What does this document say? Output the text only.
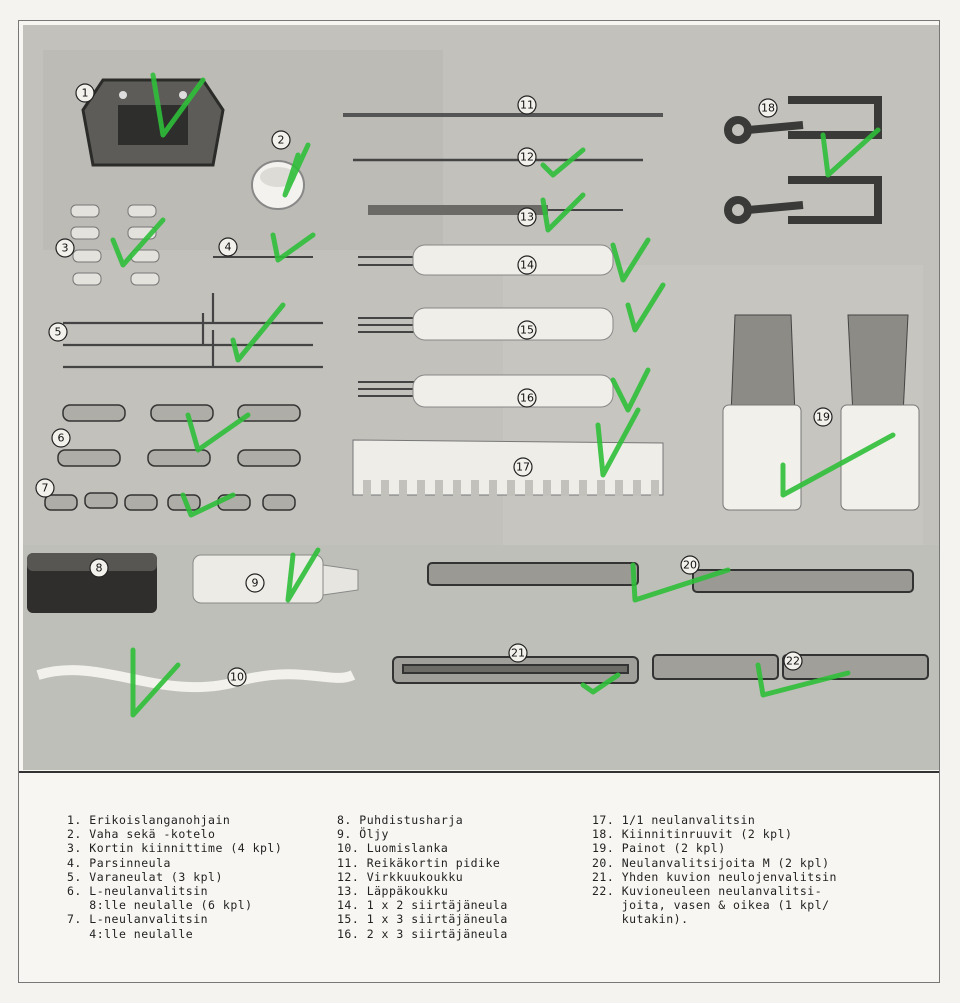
1
2
3	4
5
6
7
8
9
10
11
12
13
14
15
16
17
18
19
20
21
22
1. Erikoislanganohjain
2. Vaha sekä -kotelo
3. Kortin kiinnittime (4 kpl)
4. Parsinneula
5. Varaneulat (3 kpl)
6. L-neulanvalitsin
8:lle neulalle (6 kpl)
7. L-neulanvalitsin
4:lle neulalle
8. Puhdistusharja
9. Öljy
10. Luomislanka
11. Reikäkortin pidike
12. Virkkuukoukku
13. Läppäkoukku
14. 1 x 2 siirtäjäneula
15. 1 x 3 siirtäjäneula
16. 2 x 3 siirtäjäneula
17. 1/1 neulanvalitsin
18. Kiinnitinruuvit (2 kpl)
19. Painot (2 kpl)
20. Neulanvalitsijoita M (2 kpl)
21. Yhden kuvion neulojenvalitsin
22. Kuvioneuleen neulanvalitsi-
joita, vasen & oikea (1 kpl/
kutakin).
